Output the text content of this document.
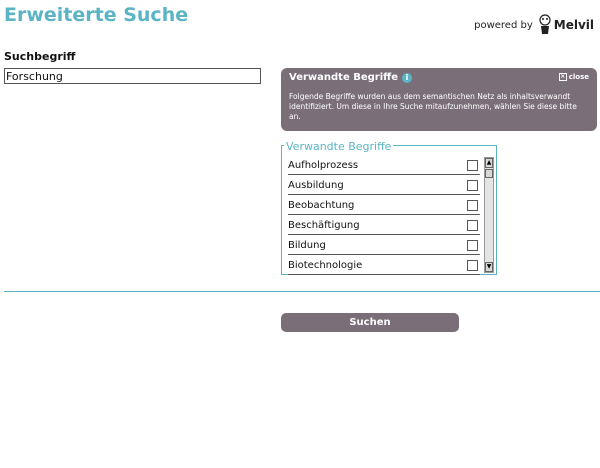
Erweiterte Suche	powered by Melvil
Suchbegriff
Forschung
Verwandte Begriffe i	× close
Folgende Begriffe wurden aus dem semantischen Netz als inhaltsverwandt identifiziert. Um diese in Ihre Suche mitaufzunehmen, wählen Sie diese bitte an.
Verwandte Begriffe
Aufholprozess
Ausbildung
Beobachtung
Beschäftigung
Bildung
Biotechnologie
▲
▼
Suchen
